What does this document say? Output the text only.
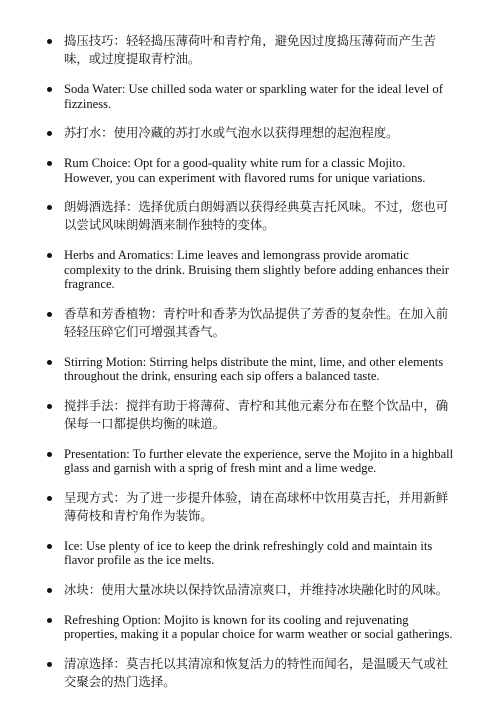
捣压技巧：轻轻捣压薄荷叶和青柠角，避免因过度捣压薄荷而产生苦味，或过度提取青柠油。
Soda Water: Use chilled soda water or sparkling water for the ideal level of fizziness.
苏打水：使用冷藏的苏打水或气泡水以获得理想的起泡程度。
Rum Choice: Opt for a good-quality white rum for a classic Mojito. However, you can experiment with flavored rums for unique variations.
朗姆酒选择：选择优质白朗姆酒以获得经典莫吉托风味。不过，您也可以尝试风味朗姆酒来制作独特的变体。
Herbs and Aromatics: Lime leaves and lemongrass provide aromatic complexity to the drink. Bruising them slightly before adding enhances their fragrance.
香草和芳香植物：青柠叶和香茅为饮品提供了芳香的复杂性。在加入前轻轻压碎它们可增强其香气。
Stirring Motion: Stirring helps distribute the mint, lime, and other elements throughout the drink, ensuring each sip offers a balanced taste.
搅拌手法：搅拌有助于将薄荷、青柠和其他元素分布在整个饮品中，确保每一口都提供均衡的味道。
Presentation: To further elevate the experience, serve the Mojito in a highball glass and garnish with a sprig of fresh mint and a lime wedge.
呈现方式：为了进一步提升体验，请在高球杯中饮用莫吉托，并用新鲜薄荷枝和青柠角作为装饰。
Ice: Use plenty of ice to keep the drink refreshingly cold and maintain its flavor profile as the ice melts.
冰块：使用大量冰块以保持饮品清凉爽口，并维持冰块融化时的风味。
Refreshing Option: Mojito is known for its cooling and rejuvenating properties, making it a popular choice for warm weather or social gatherings.
清凉选择：莫吉托以其清凉和恢复活力的特性而闻名，是温暖天气或社交聚会的热门选择。
